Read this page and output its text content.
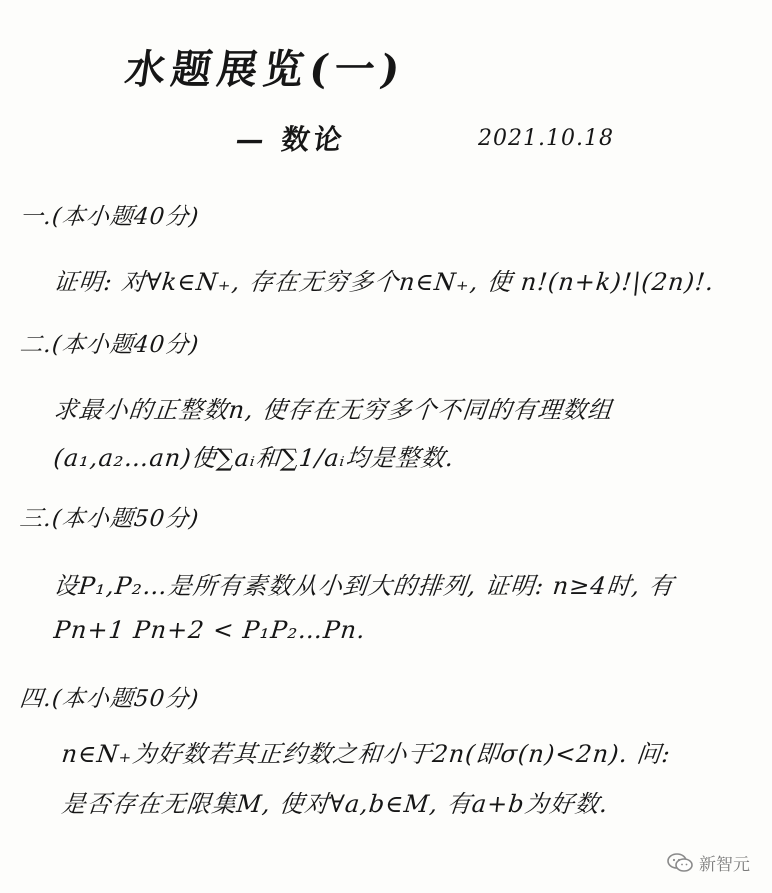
水题展览(一)
— 数论	2021.10.18
一.(本小题40分)
证明: 对∀k∈N₊, 存在无穷多个n∈N₊, 使 n!(n+k)!|(2n)!.
二.(本小题40分)
求最小的正整数n, 使存在无穷多个不同的有理数组
(a₁,a₂…an)使∑aᵢ和∑1/aᵢ均是整数.
三.(本小题50分)
设P₁,P₂…是所有素数从小到大的排列, 证明: n≥4时, 有
Pn+1 Pn+2 < P₁P₂…Pn.
四.(本小题50分)
n∈N₊为好数若其正约数之和小于2n(即σ(n)<2n). 问:
是否存在无限集M, 使对∀a,b∈M, 有a+b为好数.
新智元
